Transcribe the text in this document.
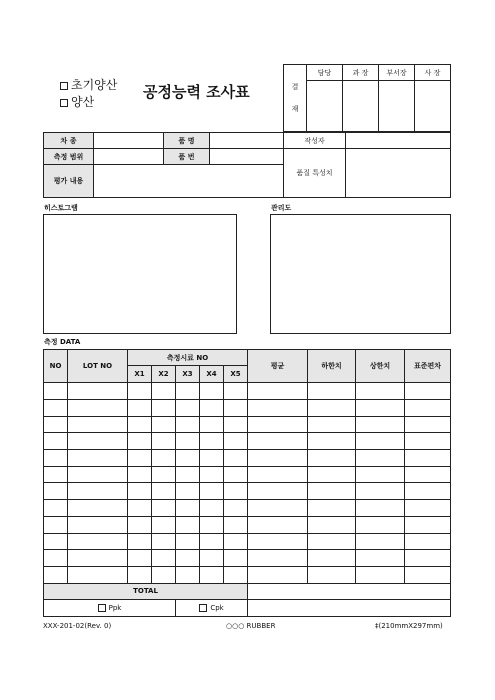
초기양산
양산
공정능력 조사표	결
재	담당	과 장	부서장	사 장

차 종		품 명		작성자	
측정 범위		품 번		품질 특성치	
평가 내용					
히스토그램	관리도
측정 DATA
NO	LOT NO	측정시료 NO					평균	하한치	상한치	표준편차
		X1	X2	X3	X4	X5				

TOTAL										
Ppk				Cpk						
XXX-201-02(Rev. 0)	○○○ RUBBER	‡(210mmX297mm)
